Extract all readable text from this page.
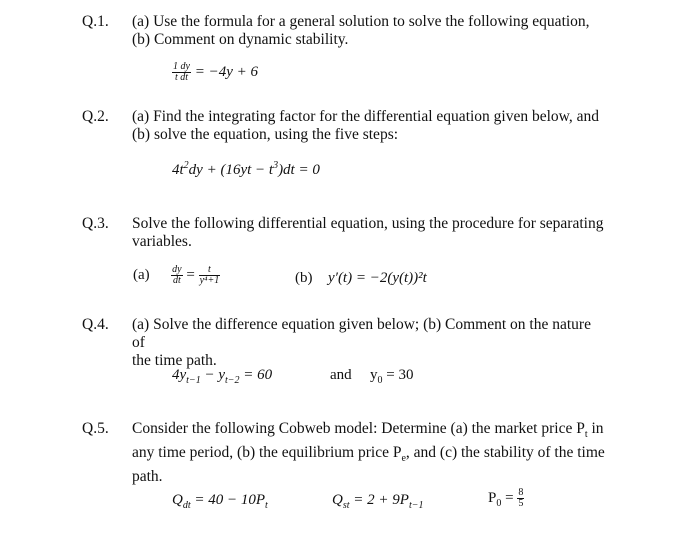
Q.1. (a) Use the formula for a general solution to solve the following equation,
(b) Comment on dynamic stability.
$\frac{1 dy}{\text{t dt}} = -4y + 6$
Q.2. (a) Find the integrating factor for the differential equation given below, and
(b) solve the equation, using the five steps:
$4t^2dy + (16yt - t^3)dt = 0$
Q.3. Solve the following differential equation, using the procedure for separating
variables.
$(a) \frac{dy}{dt} = \frac{t}{\text{y⁴+1}}$	(b) y′(t) = −2(y(t))²t
Q.4. (a) Solve the difference equation given below; (b) Comment on the nature of
the time path.
$4y_{t-1} - y_{t-2} = 60$	and $y_0 = 30$
Q.5. Consider the following Cobweb model: Determine (a) the market price $P_t$ in
any time period, (b) the equilibrium price $P_e$, and (c) the stability of the time
path.
$Q_{dt} = 40 - 10P_t$	$Q_{st} = 2 + 9P_{t-1}$	$P_0 = \frac{8}{5}$
